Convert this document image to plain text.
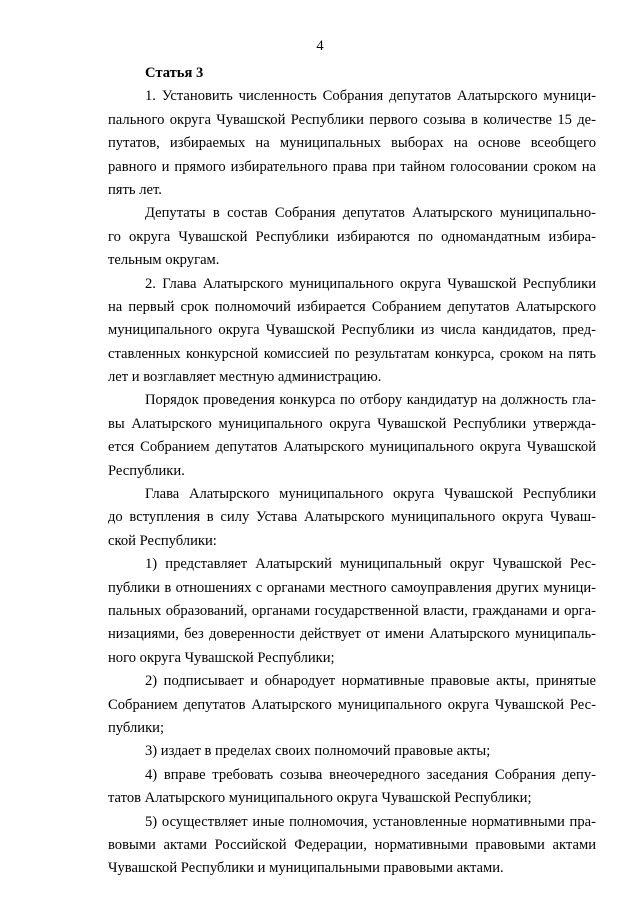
4
Статья 3
1. Установить численность Собрания депутатов Алатырского муници-
пального округа Чувашской Республики первого созыва в количестве 15 де-
путатов, избираемых на муниципальных выборах на основе всеобщего
равного и прямого избирательного права при тайном голосовании сроком на
пять лет.
Депутаты в состав Собрания депутатов Алатырского муниципально-
го округа Чувашской Республики избираются по одномандатным избира-
тельным округам.
2. Глава Алатырского муниципального округа Чувашской Республики
на первый срок полномочий избирается Собранием депутатов Алатырского
муниципального округа Чувашской Республики из числа кандидатов, пред-
ставленных конкурсной комиссией по результатам конкурса, сроком на пять
лет и возглавляет местную администрацию.
Порядок проведения конкурса по отбору кандидатур на должность гла-
вы Алатырского муниципального округа Чувашской Республики утвержда-
ется Собранием депутатов Алатырского муниципального округа Чувашской
Республики.
Глава Алатырского муниципального округа Чувашской Республики
до вступления в силу Устава Алатырского муниципального округа Чуваш-
ской Республики:
1) представляет Алатырский муниципальный округ Чувашской Рес-
публики в отношениях с органами местного самоуправления других муници-
пальных образований, органами государственной власти, гражданами и орга-
низациями, без доверенности действует от имени Алатырского муниципаль-
ного округа Чувашской Республики;
2) подписывает и обнародует нормативные правовые акты, принятые
Собранием депутатов Алатырского муниципального округа Чувашской Рес-
публики;
3) издает в пределах своих полномочий правовые акты;
4) вправе требовать созыва внеочередного заседания Собрания депу-
татов Алатырского муниципального округа Чувашской Республики;
5) осуществляет иные полномочия, установленные нормативными пра-
вовыми актами Российской Федерации, нормативными правовыми актами
Чувашской Республики и муниципальными правовыми актами.
